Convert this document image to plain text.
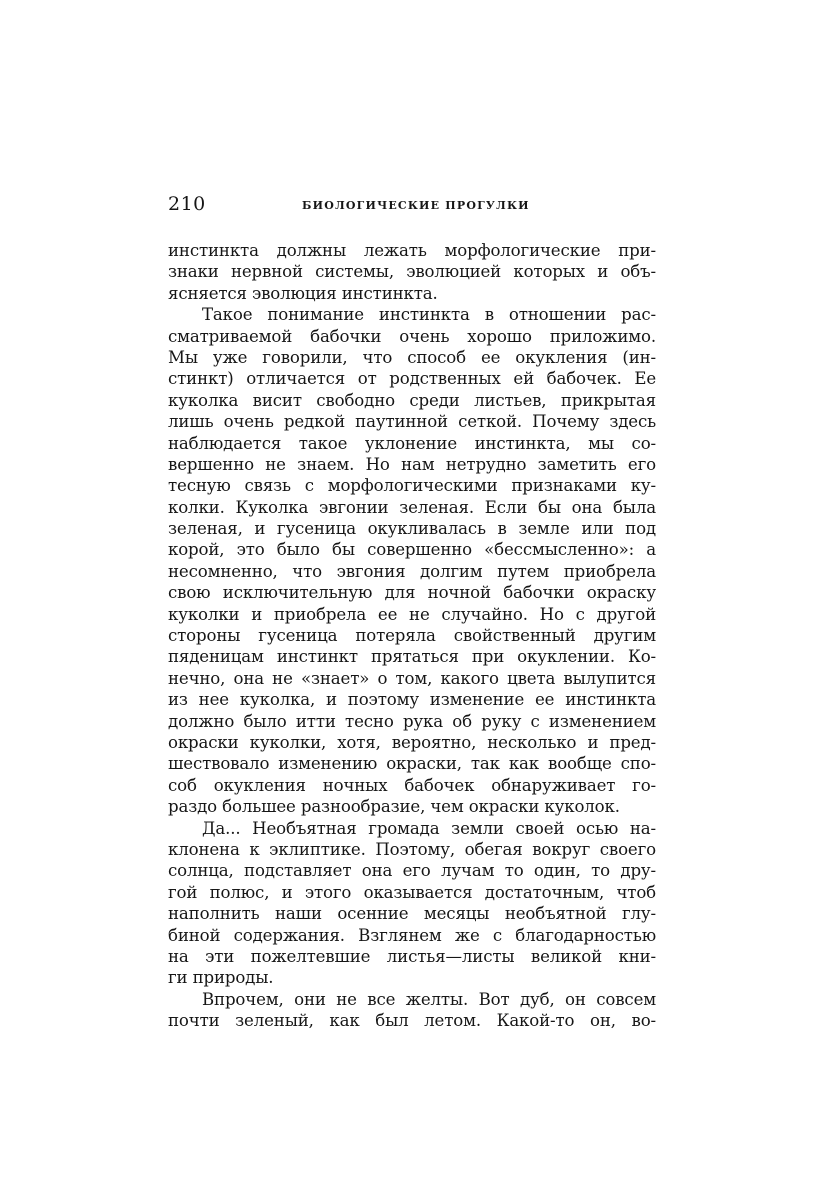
210	БИОЛОГИЧЕСКИЕ ПРОГУЛКИ
инстинкта должны лежать морфологические при-
знаки нервной системы, эволюцией которых и объ-
ясняется эволюция инстинкта.
Такое понимание инстинкта в отношении рас-
сматриваемой бабочки очень хорошо приложимо.
Мы уже говорили, что способ ее окукления (ин-
стинкт) отличается от родственных ей бабочек. Ее
куколка висит свободно среди листьев, прикрытая
лишь очень редкой паутинной сеткой. Почему здесь
наблюдается такое уклонение инстинкта, мы со-
вершенно не знаем. Но нам нетрудно заметить его
тесную связь с морфологическими признаками ку-
колки. Куколка эвгонии зеленая. Если бы она была
зеленая, и гусеница окукливалась в земле или под
корой, это было бы совершенно «бессмысленно»: а
несомненно, что эвгония долгим путем приобрела
свою исключительную для ночной бабочки окраску
куколки и приобрела ее не случайно. Но с другой
стороны гусеница потеряла свойственный другим
пяденицам инстинкт прятаться при окуклении. Ко-
нечно, она не «знает» о том, какого цвета вылупится
из нее куколка, и поэтому изменение ее инстинкта
должно было итти тесно рука об руку с изменением
окраски куколки, хотя, вероятно, несколько и пред-
шествовало изменению окраски, так как вообще спо-
соб окукления ночных бабочек обнаруживает го-
раздо большее разнообразие, чем окраски куколок.
Да... Необъятная громада земли своей осью на-
клонена к эклиптике. Поэтому, обегая вокруг своего
солнца, подставляет она его лучам то один, то дру-
гой полюс, и этого оказывается достаточным, чтоб
наполнить наши осенние месяцы необъятной глу-
биной содержания. Взглянем же с благодарностью
на эти пожелтевшие листья—листы великой кни-
ги природы.
Впрочем, они не все желты. Вот дуб, он совсем
почти зеленый, как был летом. Какой-то он, во-
